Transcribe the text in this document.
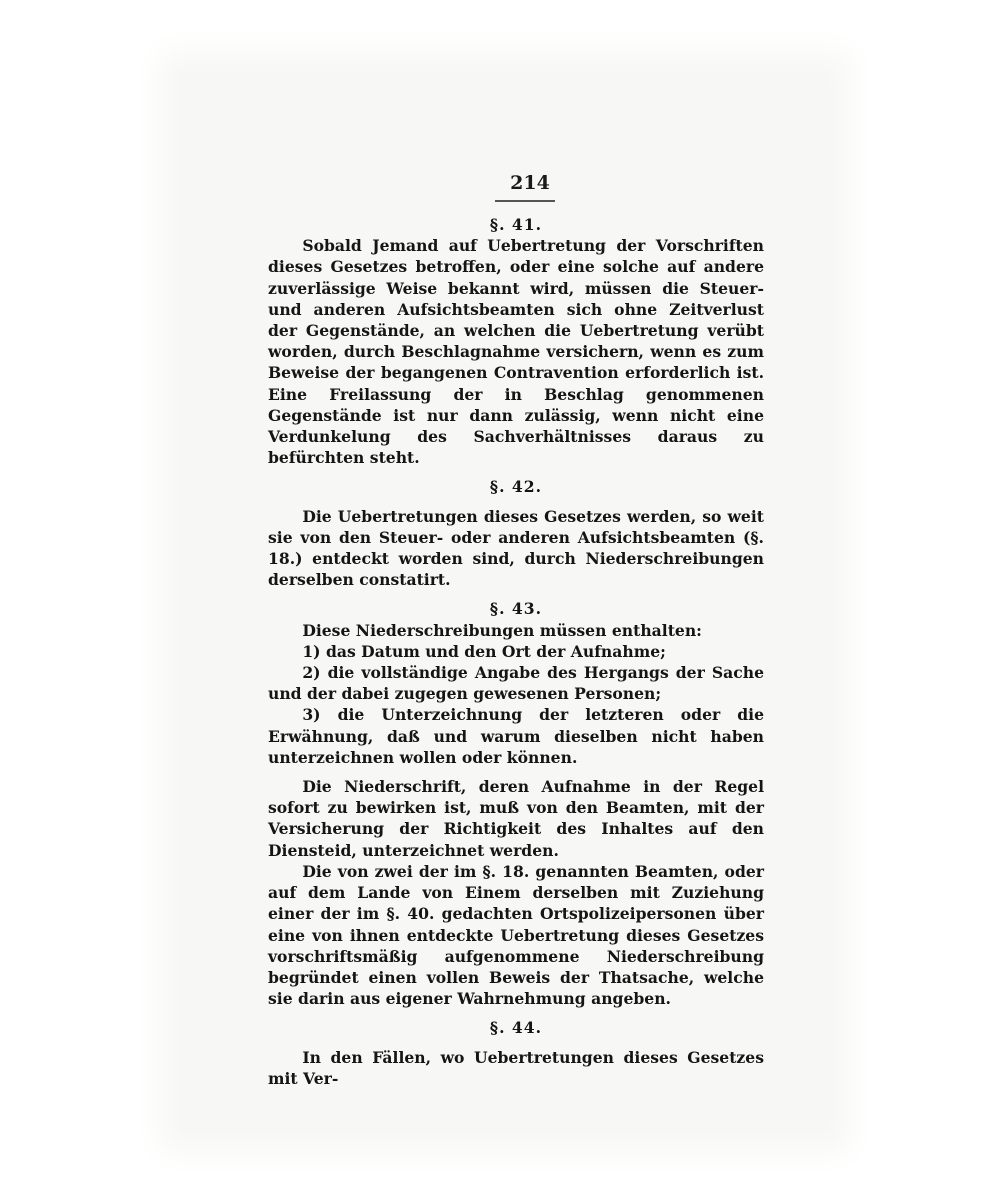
214

§. 41.

Sobald Jemand auf Uebertretung der Vorschriften dieses Gesetzes betroffen, oder eine solche auf andere zuverlässige Weise bekannt wird, müssen die Steuer- und anderen Aufsichtsbeamten sich ohne Zeitverlust der Gegenstände, an welchen die Uebertretung verübt worden, durch Beschlagnahme versichern, wenn es zum Beweise der begangenen Contravention erforderlich ist. Eine Freilassung der in Beschlag genommenen Gegenstände ist nur dann zulässig, wenn nicht eine Verdunkelung des Sachverhältnisses daraus zu befürchten steht.

§. 42.

Die Uebertretungen dieses Gesetzes werden, so weit sie von den Steuer- oder anderen Aufsichtsbeamten (§. 18.) entdeckt worden sind, durch Niederschreibungen derselben constatirt.

§. 43.

Diese Niederschreibungen müssen enthalten:

1) das Datum und den Ort der Aufnahme;

2) die vollständige Angabe des Hergangs der Sache und der dabei zugegen gewesenen Personen;

3) die Unterzeichnung der letzteren oder die Erwähnung, daß und warum dieselben nicht haben unterzeichnen wollen oder können.

Die Niederschrift, deren Aufnahme in der Regel sofort zu bewirken ist, muß von den Beamten, mit der Versicherung der Richtigkeit des Inhaltes auf den Diensteid, unterzeichnet werden.

Die von zwei der im §. 18. genannten Beamten, oder auf dem Lande von Einem derselben mit Zuziehung einer der im §. 40. gedachten Ortspolizeipersonen über eine von ihnen entdeckte Uebertretung dieses Gesetzes vorschriftsmäßig aufgenommene Niederschreibung begründet einen vollen Beweis der Thatsache, welche sie darin aus eigener Wahrnehmung angeben.

§. 44.

In den Fällen, wo Uebertretungen dieses Gesetzes mit Ver-
